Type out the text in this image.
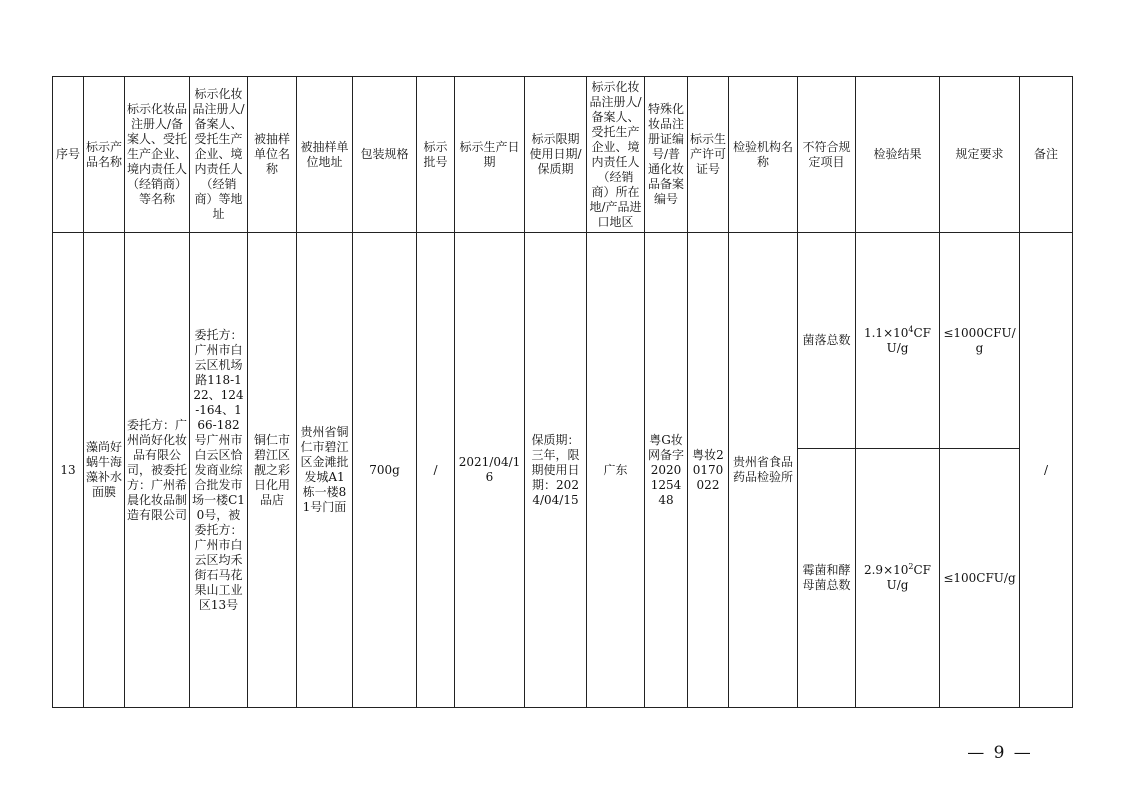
序号	标示产品名称	标示化妆品注册人/备案人、受托生产企业、境内责任人（经销商）等名称	标示化妆品注册人/备案人、受托生产企业、境内责任人（经销商）等地址	被抽样单位名称	被抽样单位地址	包装规格	标示批号	标示生产日期	标示限期使用日期/保质期	标示化妆品注册人/备案人、受托生产企业、境内责任人（经销商）所在地/产品进口地区	特殊化妆品注册证编号/普通化妆品备案编号	标示生产许可证号	检验机构名称	不符合规定项目	检验结果	规定要求	备注
13	藻尚好蜗牛海藻补水面膜	委托方：广州尚好化妆品有限公司，被委托方：广州希晨化妆品制造有限公司	委托方：广州市白云区机场路118-122、124-164、166-182号广州市白云区恰发商业综合批发市场一楼C10号，被委托方：广州市白云区均禾街石马花果山工业区13号	铜仁市碧江区靓之彩日化用品店	贵州省铜仁市碧江区金滩批发城A1栋一楼81号门面	700g	/	2021/04/16	保质期：三年，限期使用日期：2024/04/15	广东	粤G妆网备字2020125448	粤妆20170022	贵州省食品药品检验所	菌落总数	$1.1\times 10^4CFU/g$	≤1000CFU/g	/
														霉菌和酵母菌总数	$2.9\times 10^2CFU/g$	≤100CFU/g	
— 9 —
